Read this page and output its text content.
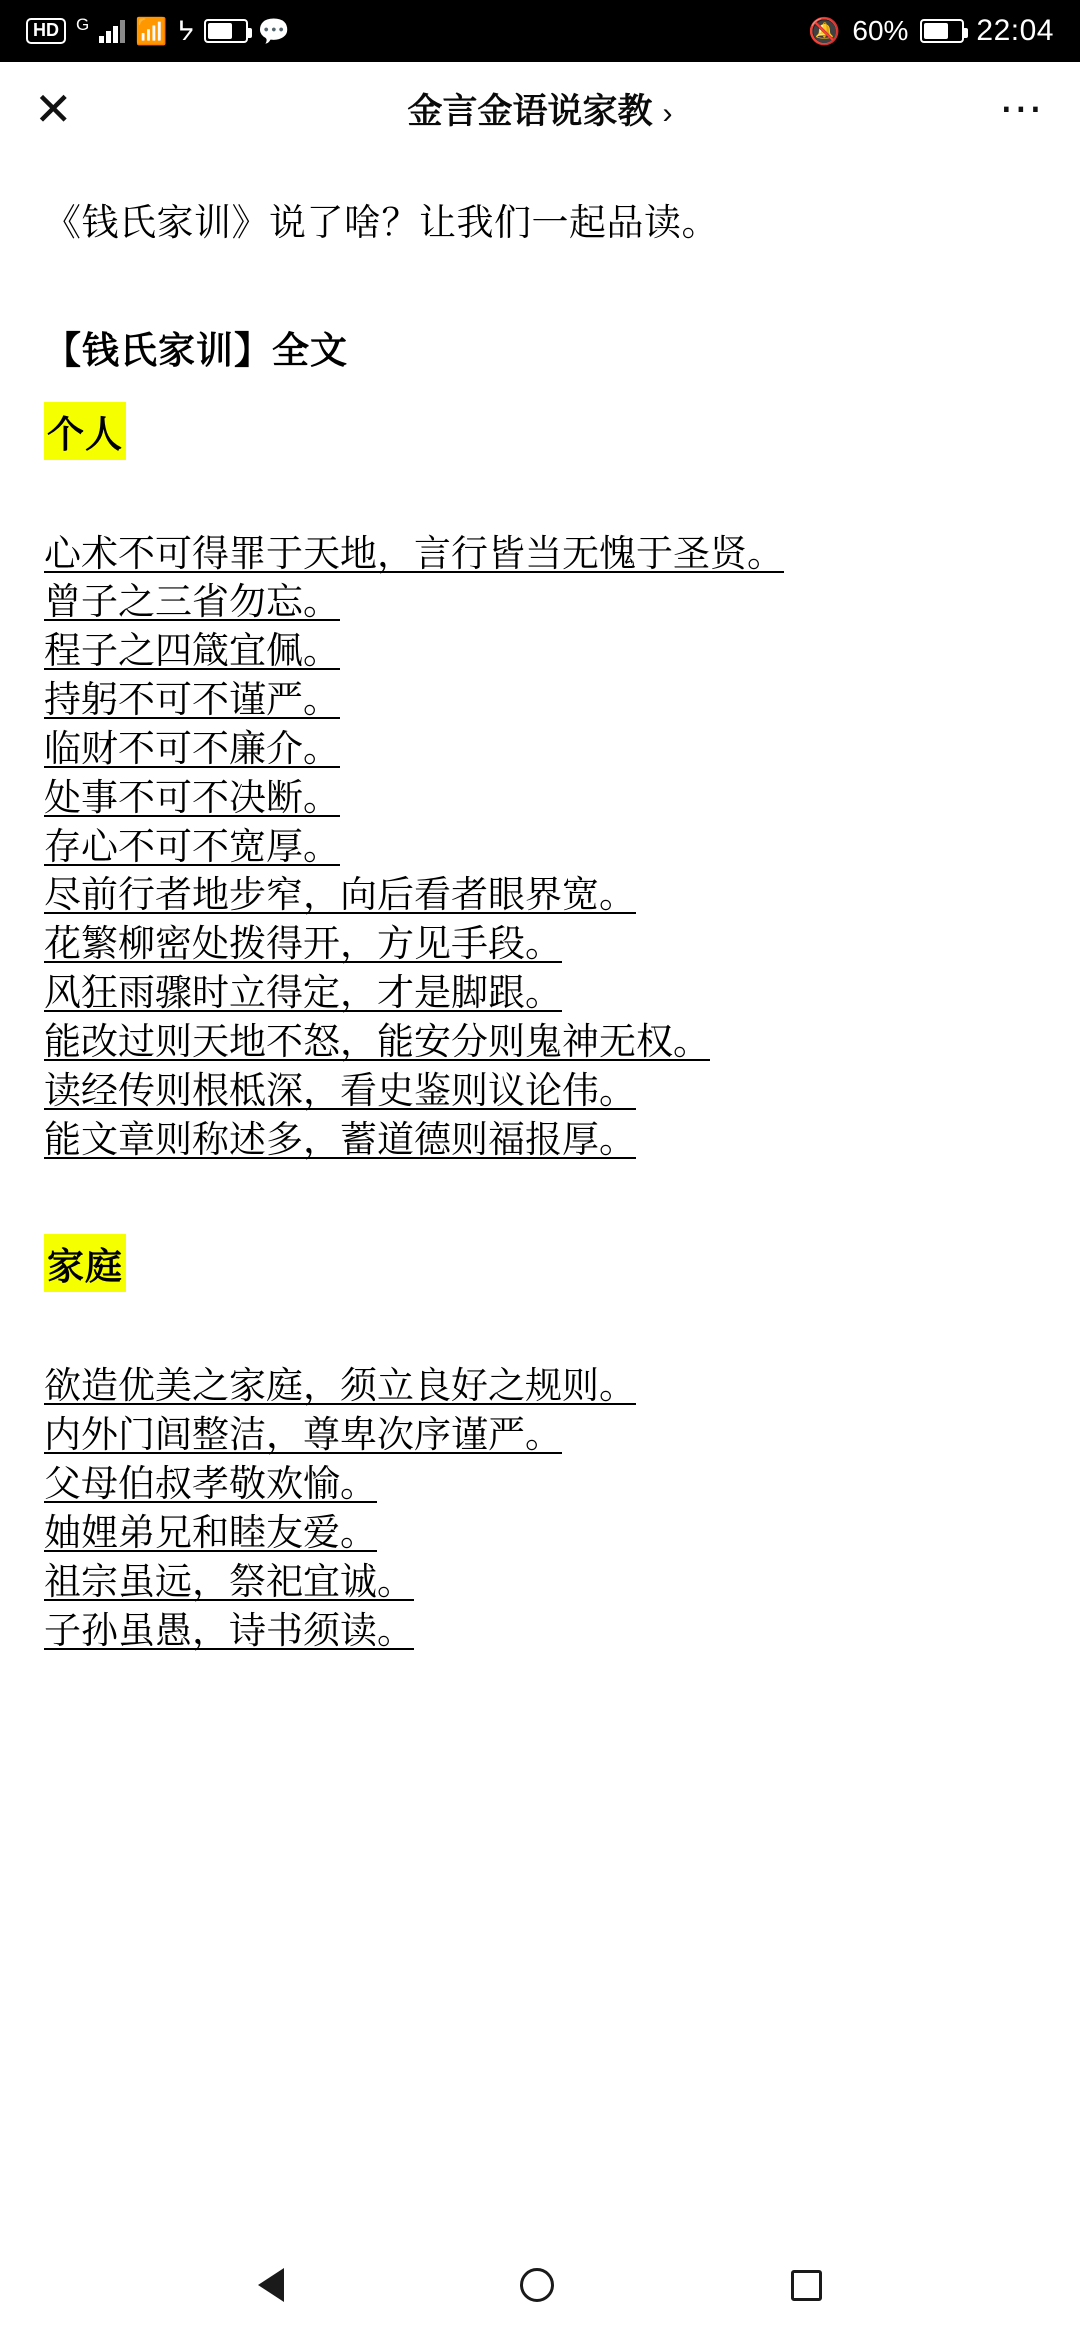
HD	$^G$ 📶 ᔭ 💬	🔕 60% 22:04
✕	金言金语说家教 ›	⋯
《钱氏家训》说了啥？让我们一起品读。
【钱氏家训】全文
个人
心术不可得罪于天地，言行皆当无愧于圣贤。
曾子之三省勿忘。
程子之四箴宜佩。
持躬不可不谨严。
临财不可不廉介。
处事不可不决断。
存心不可不宽厚。
尽前行者地步窄，向后看者眼界宽。
花繁柳密处拨得开，方见手段。
风狂雨骤时立得定，才是脚跟。
能改过则天地不怒，能安分则鬼神无权。
读经传则根柢深，看史鉴则议论伟。
能文章则称述多，蓄道德则福报厚。
家庭
欲造优美之家庭，须立良好之规则。
内外门闾整洁，尊卑次序谨严。
父母伯叔孝敬欢愉。
妯娌弟兄和睦友爱。
祖宗虽远，祭祀宜诚。
子孙虽愚，诗书须读。
